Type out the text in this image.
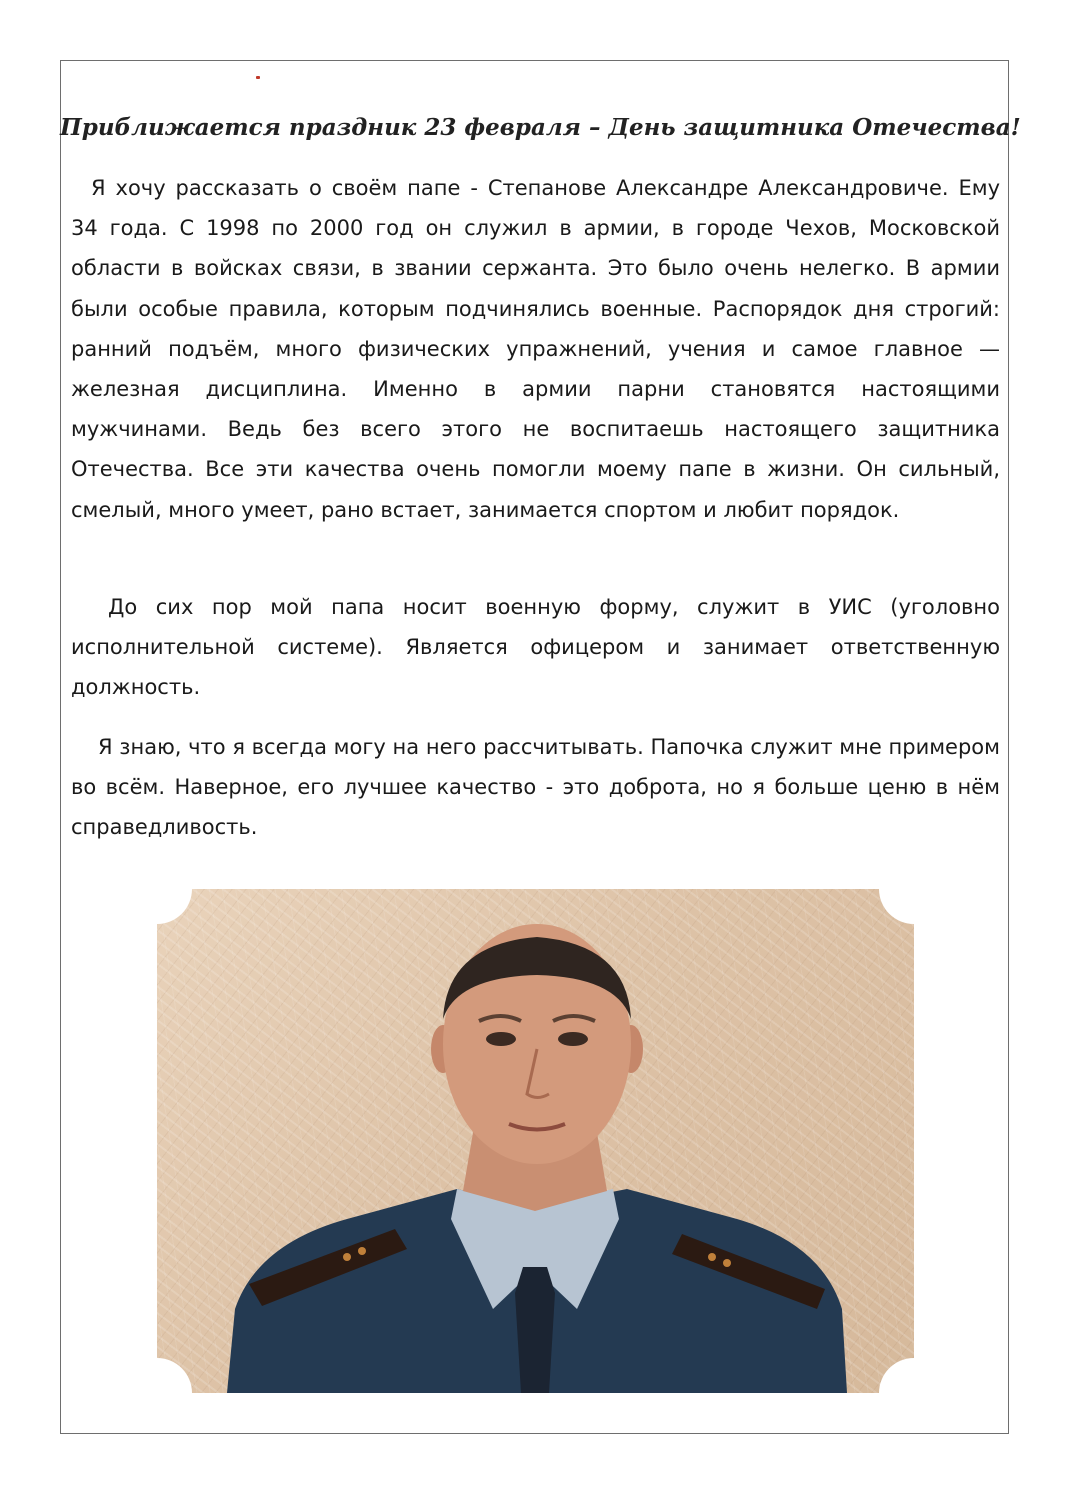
Приближается праздник 23 февраля – День защитника Отечества!

Я хочу рассказать о своём папе - Степанове Александре Александровиче. Ему 34 года. С 1998 по 2000 год он служил в армии, в городе Чехов, Московской области в войсках связи, в звании сержанта. Это было очень нелегко. В армии были особые правила, которым подчинялись военные. Распорядок дня строгий: ранний подъём, много физических упражнений, учения и самое главное — железная дисциплина. Именно в армии парни становятся настоящими мужчинами. Ведь без всего этого не воспитаешь настоящего защитника Отечества. Все эти качества очень помогли моему папе в жизни. Он сильный, смелый, много умеет, рано встает, занимается спортом и любит порядок.

До сих пор мой папа носит военную форму, служит в УИС (уголовно исполнительной системе). Является офицером и занимает ответственную должность.

Я знаю, что я всегда могу на него рассчитывать. Папочка служит мне примером во всём. Наверное, его лучшее качество - это доброта, но я больше ценю в нём справедливость.
